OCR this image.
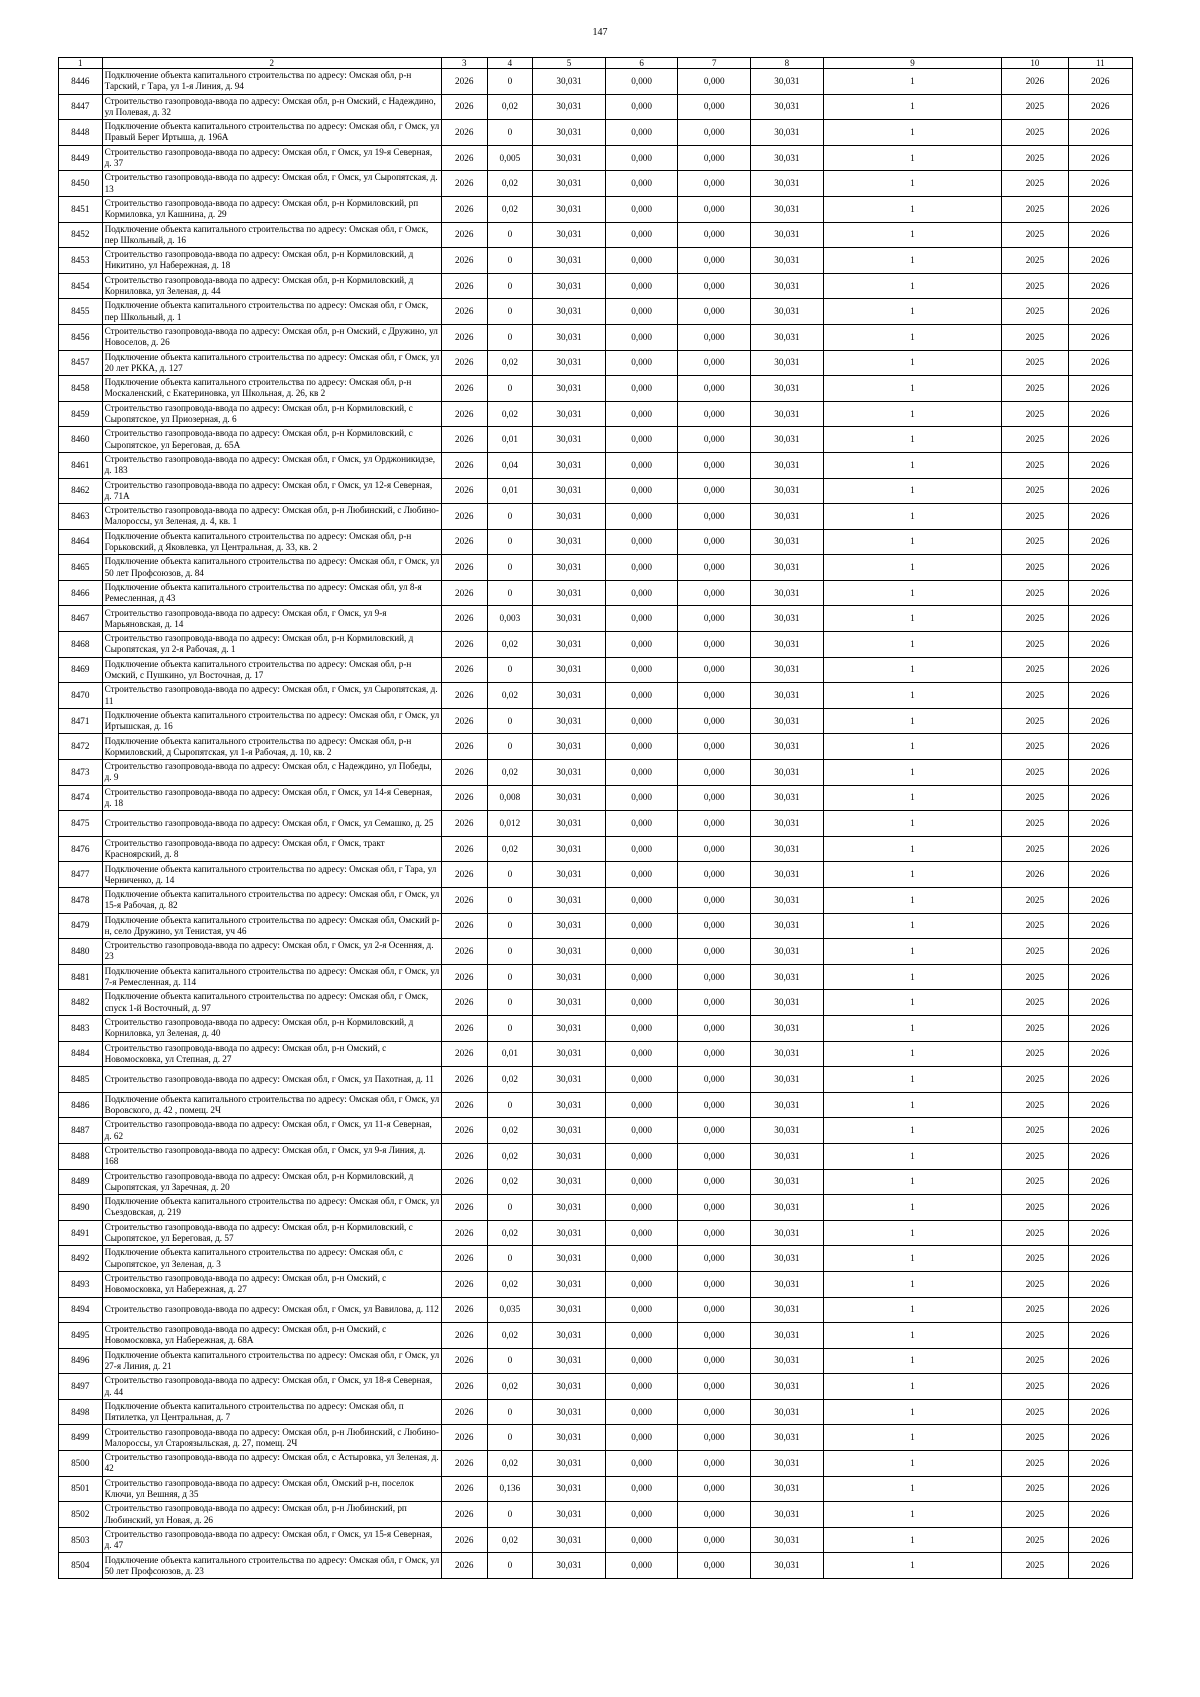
147
1	2	3	4	5	6	7	8	9	10	11
8446	Подключение объекта капитального строительства по адресу: Омская обл, р-н Тарский, г Тара, ул 1-я Линия, д. 94	2026	0	30,031	0,000	0,000	30,031	1	2026	2026
8447	Строительство газопровода-ввода по адресу: Омская обл, р-н Омский, с Надеждино, ул Полевая, д. 32	2026	0,02	30,031	0,000	0,000	30,031	1	2025	2026
8448	Подключение объекта капитального строительства по адресу: Омская обл, г Омск, ул Правый Берег Иртыша, д. 196А	2026	0	30,031	0,000	0,000	30,031	1	2025	2026
8449	Строительство газопровода-ввода по адресу: Омская обл, г Омск, ул 19-я Северная, д. 37	2026	0,005	30,031	0,000	0,000	30,031	1	2025	2026
8450	Строительство газопровода-ввода по адресу: Омская обл, г Омск, ул Сыропятская, д. 13	2026	0,02	30,031	0,000	0,000	30,031	1	2025	2026
8451	Строительство газопровода-ввода по адресу: Омская обл, р-н Кормиловский, рп Кормиловка, ул Кашнина, д. 29	2026	0,02	30,031	0,000	0,000	30,031	1	2025	2026
8452	Подключение объекта капитального строительства по адресу: Омская обл, г Омск, пер Школьный, д. 16	2026	0	30,031	0,000	0,000	30,031	1	2025	2026
8453	Строительство газопровода-ввода по адресу: Омская обл, р-н Кормиловский, д Никитино, ул Набережная, д. 18	2026	0	30,031	0,000	0,000	30,031	1	2025	2026
8454	Строительство газопровода-ввода по адресу: Омская обл, р-н Кормиловский, д Корниловка, ул Зеленая, д. 44	2026	0	30,031	0,000	0,000	30,031	1	2025	2026
8455	Подключение объекта капитального строительства по адресу: Омская обл, г Омск, пер Школьный, д. 1	2026	0	30,031	0,000	0,000	30,031	1	2025	2026
8456	Строительство газопровода-ввода по адресу: Омская обл, р-н Омский, с Дружино, ул Новоселов, д. 26	2026	0	30,031	0,000	0,000	30,031	1	2025	2026
8457	Подключение объекта капитального строительства по адресу: Омская обл, г Омск, ул 20 лет РККА, д. 127	2026	0,02	30,031	0,000	0,000	30,031	1	2025	2026
8458	Подключение объекта капитального строительства по адресу: Омская обл, р-н Москаленский, с Екатериновка, ул Школьная, д. 26, кв 2	2026	0	30,031	0,000	0,000	30,031	1	2025	2026
8459	Строительство газопровода-ввода по адресу: Омская обл, р-н Кормиловский, с Сыропятское, ул Приозерная, д. 6	2026	0,02	30,031	0,000	0,000	30,031	1	2025	2026
8460	Строительство газопровода-ввода по адресу: Омская обл, р-н Кормиловский, с Сыропятское, ул Береговая, д. 65А	2026	0,01	30,031	0,000	0,000	30,031	1	2025	2026
8461	Строительство газопровода-ввода по адресу: Омская обл, г Омск, ул Орджоникидзе, д. 183	2026	0,04	30,031	0,000	0,000	30,031	1	2025	2026
8462	Строительство газопровода-ввода по адресу: Омская обл, г Омск, ул 12-я Северная, д. 71А	2026	0,01	30,031	0,000	0,000	30,031	1	2025	2026
8463	Строительство газопровода-ввода по адресу: Омская обл, р-н Любинский, с Любино-Малороссы, ул Зеленая, д. 4, кв. 1	2026	0	30,031	0,000	0,000	30,031	1	2025	2026
8464	Подключение объекта капитального строительства по адресу: Омская обл, р-н Горьковский, д Яковлевка, ул Центральная, д. 33, кв. 2	2026	0	30,031	0,000	0,000	30,031	1	2025	2026
8465	Подключение объекта капитального строительства по адресу: Омская обл, г Омск, ул 50 лет Профсоюзов, д. 84	2026	0	30,031	0,000	0,000	30,031	1	2025	2026
8466	Подключение объекта капитального строительства по адресу: Омская обл, ул 8-я Ремесленная, д 43	2026	0	30,031	0,000	0,000	30,031	1	2025	2026
8467	Строительство газопровода-ввода по адресу: Омская обл, г Омск, ул 9-я Марьяновская, д. 14	2026	0,003	30,031	0,000	0,000	30,031	1	2025	2026
8468	Строительство газопровода-ввода по адресу: Омская обл, р-н Кормиловский, д Сыропятская, ул 2-я Рабочая, д. 1	2026	0,02	30,031	0,000	0,000	30,031	1	2025	2026
8469	Подключение объекта капитального строительства по адресу: Омская обл, р-н Омский, с Пушкино, ул Восточная, д. 17	2026	0	30,031	0,000	0,000	30,031	1	2025	2026
8470	Строительство газопровода-ввода по адресу: Омская обл, г Омск, ул Сыропятская, д. 11	2026	0,02	30,031	0,000	0,000	30,031	1	2025	2026
8471	Подключение объекта капитального строительства по адресу: Омская обл, г Омск, ул Иртышская, д. 16	2026	0	30,031	0,000	0,000	30,031	1	2025	2026
8472	Подключение объекта капитального строительства по адресу: Омская обл, р-н Кормиловский, д Сыропятская, ул 1-я Рабочая, д. 10, кв. 2	2026	0	30,031	0,000	0,000	30,031	1	2025	2026
8473	Строительство газопровода-ввода по адресу: Омская обл, с Надеждино, ул Победы, д. 9	2026	0,02	30,031	0,000	0,000	30,031	1	2025	2026
8474	Строительство газопровода-ввода по адресу: Омская обл, г Омск, ул 14-я Северная, д. 18	2026	0,008	30,031	0,000	0,000	30,031	1	2025	2026
8475	Строительство газопровода-ввода по адресу: Омская обл, г Омск, ул Семашко, д. 25	2026	0,012	30,031	0,000	0,000	30,031	1	2025	2026
8476	Строительство газопровода-ввода по адресу: Омская обл, г Омск, тракт Красноярский, д. 8	2026	0,02	30,031	0,000	0,000	30,031	1	2025	2026
8477	Подключение объекта капитального строительства по адресу: Омская обл, г Тара, ул Черниченко, д. 14	2026	0	30,031	0,000	0,000	30,031	1	2026	2026
8478	Подключение объекта капитального строительства по адресу: Омская обл, г Омск, ул 15-я Рабочая, д. 82	2026	0	30,031	0,000	0,000	30,031	1	2025	2026
8479	Подключение объекта капитального строительства по адресу: Омская обл, Омский р-н, село Дружино, ул Тенистая, уч 46	2026	0	30,031	0,000	0,000	30,031	1	2025	2026
8480	Строительство газопровода-ввода по адресу: Омская обл, г Омск, ул 2-я Осенняя, д. 23	2026	0	30,031	0,000	0,000	30,031	1	2025	2026
8481	Подключение объекта капитального строительства по адресу: Омская обл, г Омск, ул 7-я Ремесленная, д. 114	2026	0	30,031	0,000	0,000	30,031	1	2025	2026
8482	Подключение объекта капитального строительства по адресу: Омская обл, г Омск, спуск 1-й Восточный, д. 97	2026	0	30,031	0,000	0,000	30,031	1	2025	2026
8483	Строительство газопровода-ввода по адресу: Омская обл, р-н Кормиловский, д Корниловка, ул Зеленая, д. 40	2026	0	30,031	0,000	0,000	30,031	1	2025	2026
8484	Строительство газопровода-ввода по адресу: Омская обл, р-н Омский, с Новомосковка, ул Степная, д. 27	2026	0,01	30,031	0,000	0,000	30,031	1	2025	2026
8485	Строительство газопровода-ввода по адресу: Омская обл, г Омск, ул Пахотная, д. 11	2026	0,02	30,031	0,000	0,000	30,031	1	2025	2026
8486	Подключение объекта капитального строительства по адресу: Омская обл, г Омск, ул Воровского, д. 42 , помещ. 2Ч	2026	0	30,031	0,000	0,000	30,031	1	2025	2026
8487	Строительство газопровода-ввода по адресу: Омская обл, г Омск, ул 11-я Северная, д. 62	2026	0,02	30,031	0,000	0,000	30,031	1	2025	2026
8488	Строительство газопровода-ввода по адресу: Омская обл, г Омск, ул 9-я Линия, д. 168	2026	0,02	30,031	0,000	0,000	30,031	1	2025	2026
8489	Строительство газопровода-ввода по адресу: Омская обл, р-н Кормиловский, д Сыропятская, ул Заречная, д. 20	2026	0,02	30,031	0,000	0,000	30,031	1	2025	2026
8490	Подключение объекта капитального строительства по адресу: Омская обл, г Омск, ул Съездовская, д. 219	2026	0	30,031	0,000	0,000	30,031	1	2025	2026
8491	Строительство газопровода-ввода по адресу: Омская обл, р-н Кормиловский, с Сыропятское, ул Береговая, д. 57	2026	0,02	30,031	0,000	0,000	30,031	1	2025	2026
8492	Подключение объекта капитального строительства по адресу: Омская обл, с Сыропятское, ул Зеленая, д. 3	2026	0	30,031	0,000	0,000	30,031	1	2025	2026
8493	Строительство газопровода-ввода по адресу: Омская обл, р-н Омский, с Новомосковка, ул Набережная, д. 27	2026	0,02	30,031	0,000	0,000	30,031	1	2025	2026
8494	Строительство газопровода-ввода по адресу: Омская обл, г Омск, ул Вавилова, д. 112	2026	0,035	30,031	0,000	0,000	30,031	1	2025	2026
8495	Строительство газопровода-ввода по адресу: Омская обл, р-н Омский, с Новомосковка, ул Набережная, д. 68А	2026	0,02	30,031	0,000	0,000	30,031	1	2025	2026
8496	Подключение объекта капитального строительства по адресу: Омская обл, г Омск, ул 27-я Линия, д. 21	2026	0	30,031	0,000	0,000	30,031	1	2025	2026
8497	Строительство газопровода-ввода по адресу: Омская обл, г Омск, ул 18-я Северная, д. 44	2026	0,02	30,031	0,000	0,000	30,031	1	2025	2026
8498	Подключение объекта капитального строительства по адресу: Омская обл, п Пятилетка, ул Центральная, д. 7	2026	0	30,031	0,000	0,000	30,031	1	2025	2026
8499	Строительство газопровода-ввода по адресу: Омская обл, р-н Любинский, с Любино-Малороссы, ул Староязыльская, д. 27, помещ. 2Ч	2026	0	30,031	0,000	0,000	30,031	1	2025	2026
8500	Строительство газопровода-ввода по адресу: Омская обл, с Астыровка, ул Зеленая, д. 42	2026	0,02	30,031	0,000	0,000	30,031	1	2025	2026
8501	Строительство газопровода-ввода по адресу: Омская обл, Омский р-н, поселок Ключи, ул Вешняя, д 35	2026	0,136	30,031	0,000	0,000	30,031	1	2025	2026
8502	Строительство газопровода-ввода по адресу: Омская обл, р-н Любинский, рп Любинский, ул Новая, д. 26	2026	0	30,031	0,000	0,000	30,031	1	2025	2026
8503	Строительство газопровода-ввода по адресу: Омская обл, г Омск, ул 15-я Северная, д. 47	2026	0,02	30,031	0,000	0,000	30,031	1	2025	2026
8504	Подключение объекта капитального строительства по адресу: Омская обл, г Омск, ул 50 лет Профсоюзов, д. 23	2026	0	30,031	0,000	0,000	30,031	1	2025	2026
